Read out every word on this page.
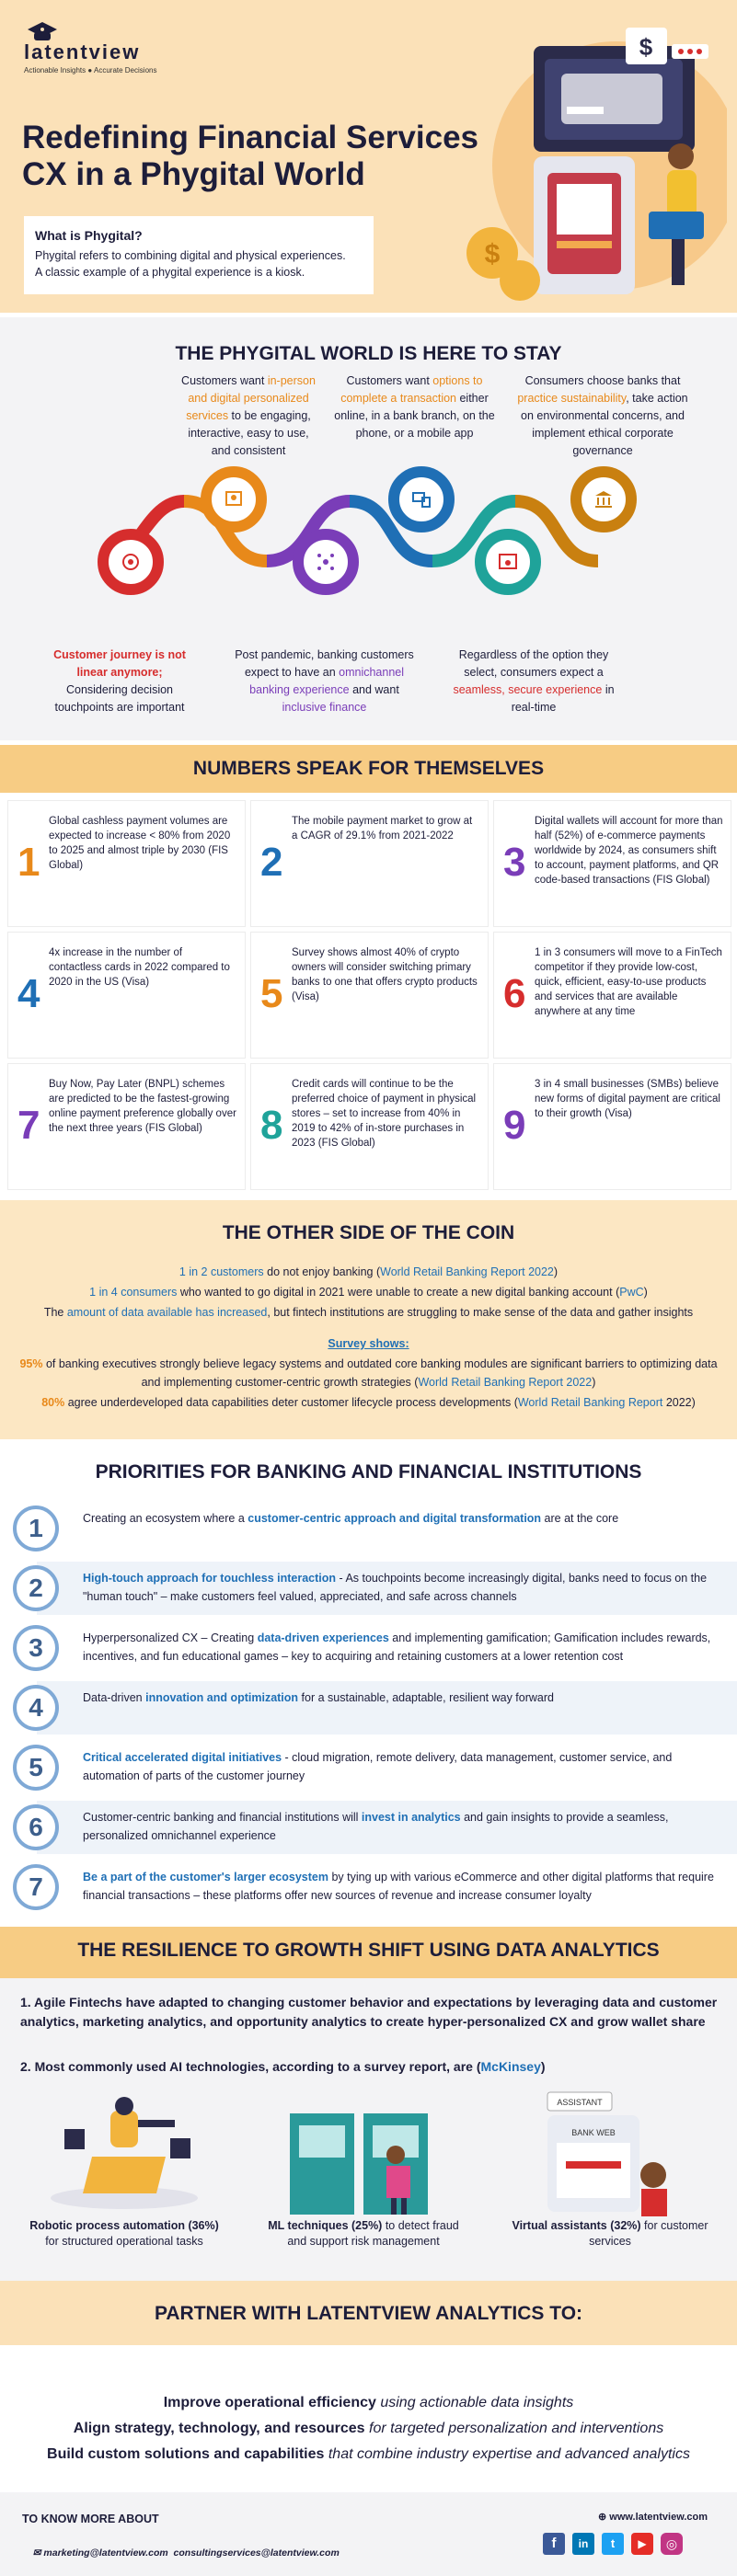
latentview
Actionable Insights ● Accurate Decisions
Redefining Financial Services
CX in a Phygital World
What is Phygital?
Phygital refers to combining digital and physical experiences.
A classic example of a phygital experience is a kiosk.
$
$
THE PHYGITAL WORLD IS HERE TO STAY
Customers want in-person and digital personalized services to be engaging, interactive, easy to use, and consistent
Customers want options to complete a transaction either online, in a bank branch, on the phone, or a mobile app
Consumers choose banks that practice sustainability, take action on environmental concerns, and implement ethical corporate governance
Customer journey is not linear anymore; Considering decision touchpoints are important
Post pandemic, banking customers expect to have an omnichannel banking experience and want inclusive finance
Regardless of the option they select, consumers expect a seamless, secure experience in real-time
NUMBERS SPEAK FOR THEMSELVES
1
Global cashless payment volumes are expected to increase < 80% from 2020 to 2025 and almost triple by 2030 (FIS Global)	2
The mobile payment market to grow at a CAGR of 29.1% from 2021-2022
3
Digital wallets will account for more than half (52%) of e-commerce payments worldwide by 2024, as consumers shift to account, payment platforms, and QR code-based transactions (FIS Global)
4
4x increase in the number of contactless cards in 2022 compared to 2020 in the US (Visa)	5
Survey shows almost 40% of crypto owners will consider switching primary banks to one that offers crypto products (Visa)	6
1 in 3 consumers will move to a FinTech competitor if they provide low-cost, quick, efficient, easy-to-use products and services that are available anywhere at any time
7
Buy Now, Pay Later (BNPL) schemes are predicted to be the fastest-growing online payment preference globally over the next three years (FIS Global)	8
Credit cards will continue to be the preferred choice of payment in physical stores – set to increase from 40% in 2019 to 42% of in-store purchases in 2023 (FIS Global)	9
3 in 4 small businesses (SMBs) believe new forms of digital payment are critical to their growth (Visa)
THE OTHER SIDE OF THE COIN
1 in 2 customers do not enjoy banking (World Retail Banking Report 2022)
1 in 4 consumers who wanted to go digital in 2021 were unable to create a new digital banking account (PwC)
The amount of data available has increased, but fintech institutions are struggling to make sense of the data and gather insights
Survey shows:
95% of banking executives strongly believe legacy systems and outdated core banking modules are significant barriers to optimizing data and implementing customer-centric growth strategies (World Retail Banking Report 2022)
80% agree underdeveloped data capabilities deter customer lifecycle process developments (World Retail Banking Report 2022)
PRIORITIES FOR BANKING AND FINANCIAL INSTITUTIONS
1	Creating an ecosystem where a customer-centric approach and digital transformation are at the core
2	High-touch approach for touchless interaction - As touchpoints become increasingly digital, banks need to focus on the "human touch" – make customers feel valued, appreciated, and safe across channels
3	Hyperpersonalized CX – Creating data-driven experiences and implementing gamification; Gamification includes rewards, incentives, and fun educational games – key to acquiring and retaining customers at a lower retention cost
4	Data-driven innovation and optimization for a sustainable, adaptable, resilient way forward
5	Critical accelerated digital initiatives - cloud migration, remote delivery, data management, customer service, and automation of parts of the customer journey
6	Customer-centric banking and financial institutions will invest in analytics and gain insights to provide a seamless, personalized omnichannel experience
7	Be a part of the customer's larger ecosystem by tying up with various eCommerce and other digital platforms that require financial transactions – these platforms offer new sources of revenue and increase consumer loyalty
THE RESILIENCE TO GROWTH SHIFT USING DATA ANALYTICS
1. Agile Fintechs have adapted to changing customer behavior and expectations by leveraging data and customer analytics, marketing analytics, and opportunity analytics to create hyper-personalized CX and grow wallet share
2. Most commonly used AI technologies, according to a survey report, are (McKinsey)
ASSISTANT
BANK WEB
Robotic process automation (36%)
for structured operational tasks
ML techniques (25%) to detect fraud and support risk management
Virtual assistants (32%) for customer services
PARTNER WITH LATENTVIEW ANALYTICS TO:
Improve operational efficiency using actionable data insights
Align strategy, technology, and resources for targeted personalization and interventions
Build custom solutions and capabilities that combine industry expertise and advanced analytics
TO KNOW MORE ABOUT

✉ marketing@latentview.com  consultingservices@latentview.com

⊕ www.latentview.com
f	in	t	▶	◎
